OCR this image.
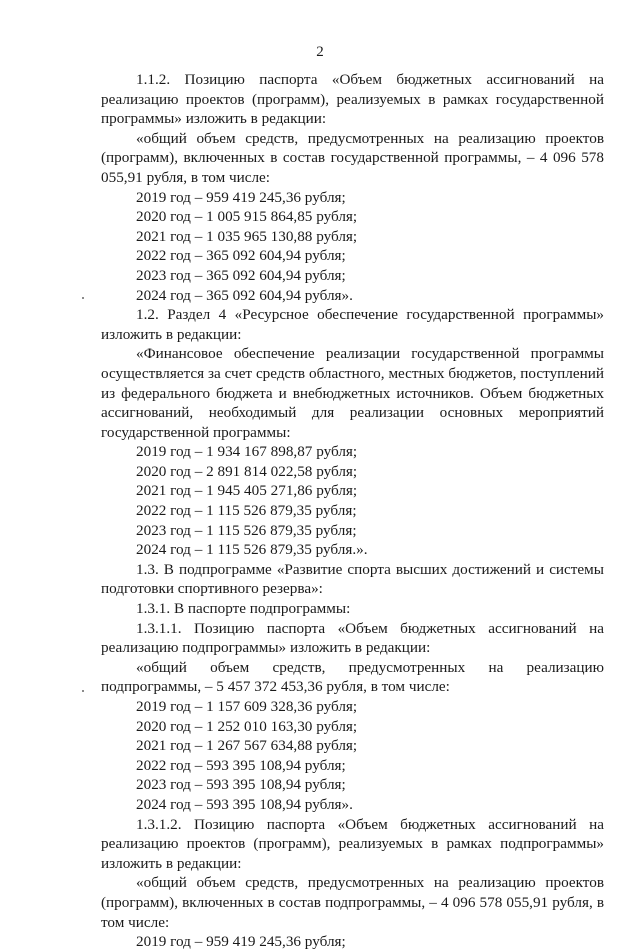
2

1.1.2. Позицию паспорта «Объем бюджетных ассигнований на реализацию проектов (программ), реализуемых в рамках государственной программы» изложить в редакции:

«общий объем средств, предусмотренных на реализацию проектов (программ), включенных в состав государственной программы, – 4 096 578 055,91 рубля, в том числе:

2019 год – 959 419 245,36 рубля;

2020 год – 1 005 915 864,85 рубля;

2021 год – 1 035 965 130,88 рубля;

2022 год – 365 092 604,94 рубля;

2023 год – 365 092 604,94 рубля;

2024 год – 365 092 604,94 рубля».

1.2. Раздел 4 «Ресурсное обеспечение государственной программы» изложить в редакции:

«Финансовое обеспечение реализации государственной программы осуществляется за счет средств областного, местных бюджетов, поступлений из федерального бюджета и внебюджетных источников. Объем бюджетных ассигнований, необходимый для реализации основных мероприятий государственной программы:

2019 год – 1 934 167 898,87 рубля;

2020 год – 2 891 814 022,58 рубля;

2021 год – 1 945 405 271,86 рубля;

2022 год – 1 115 526 879,35 рубля;

2023 год – 1 115 526 879,35 рубля;

2024 год – 1 115 526 879,35 рубля.».

1.3. В подпрограмме «Развитие спорта высших достижений и системы подготовки спортивного резерва»:

1.3.1. В паспорте подпрограммы:

1.3.1.1. Позицию паспорта «Объем бюджетных ассигнований на реализацию подпрограммы» изложить в редакции:

«общий объем средств, предусмотренных на реализацию подпрограммы, – 5 457 372 453,36 рубля, в том числе:

2019 год – 1 157 609 328,36 рубля;

2020 год – 1 252 010 163,30 рубля;

2021 год – 1 267 567 634,88 рубля;

2022 год – 593 395 108,94 рубля;

2023 год – 593 395 108,94 рубля;

2024 год – 593 395 108,94 рубля».

1.3.1.2. Позицию паспорта «Объем бюджетных ассигнований на реализацию проектов (программ), реализуемых в рамках подпрограммы» изложить в редакции:

«общий объем средств, предусмотренных на реализацию проектов (программ), включенных в состав подпрограммы, – 4 096 578 055,91 рубля, в том числе:

2019 год – 959 419 245,36 рубля;
